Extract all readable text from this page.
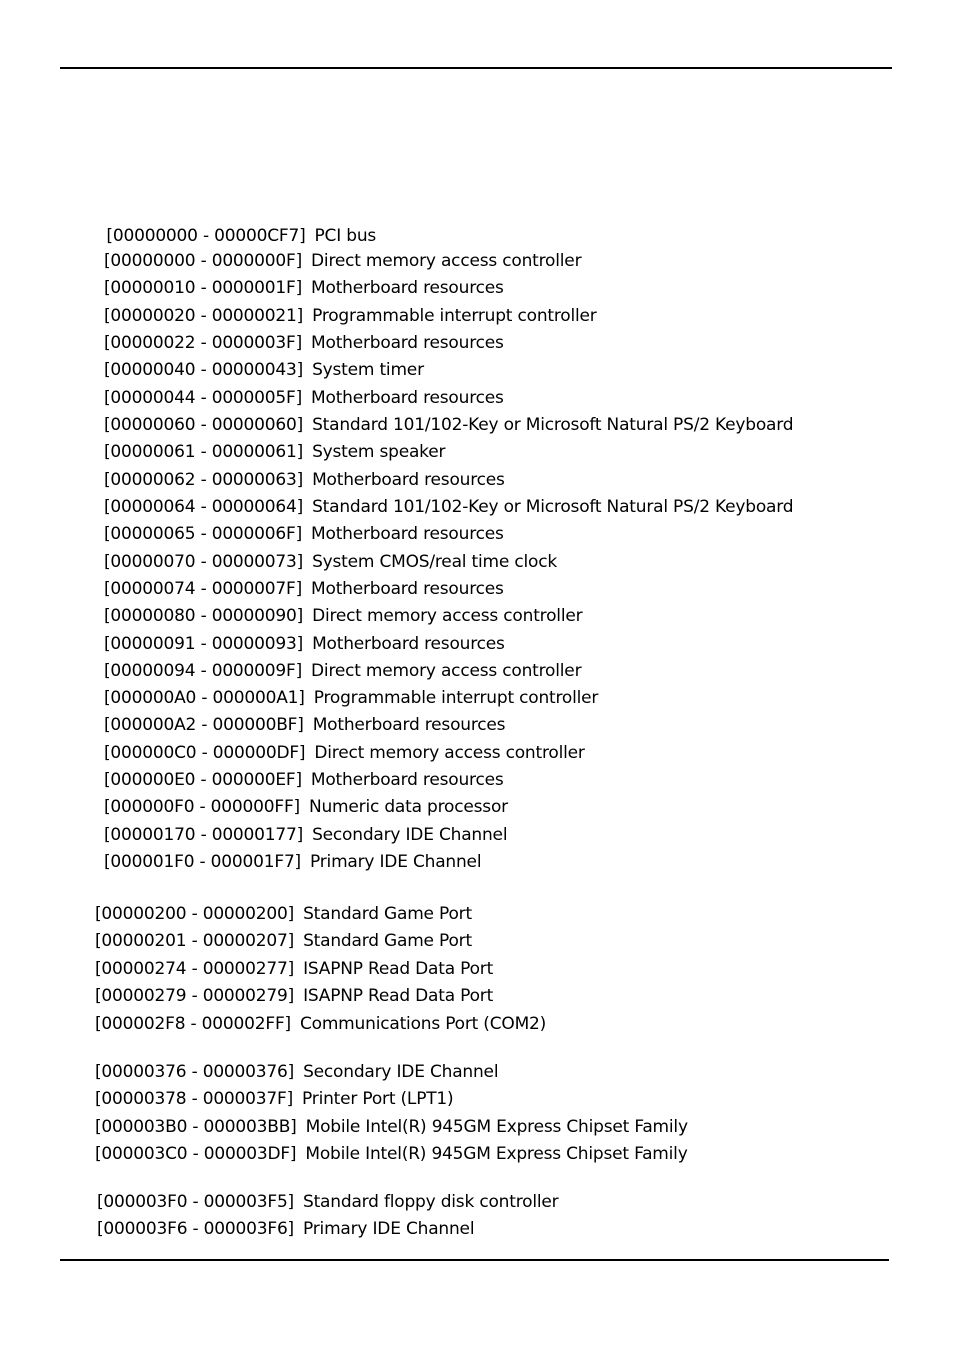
[00000000 - 00000CF7] PCI bus

[00000000 - 0000000F] Direct memory access controller
[00000010 - 0000001F] Motherboard resources
[00000020 - 00000021] Programmable interrupt controller
[00000022 - 0000003F] Motherboard resources
[00000040 - 00000043] System timer
[00000044 - 0000005F] Motherboard resources
[00000060 - 00000060] Standard 101/102-Key or Microsoft Natural PS/2 Keyboard
[00000061 - 00000061] System speaker
[00000062 - 00000063] Motherboard resources
[00000064 - 00000064] Standard 101/102-Key or Microsoft Natural PS/2 Keyboard
[00000065 - 0000006F] Motherboard resources
[00000070 - 00000073] System CMOS/real time clock
[00000074 - 0000007F] Motherboard resources
[00000080 - 00000090] Direct memory access controller
[00000091 - 00000093] Motherboard resources
[00000094 - 0000009F] Direct memory access controller
[000000A0 - 000000A1] Programmable interrupt controller
[000000A2 - 000000BF] Motherboard resources
[000000C0 - 000000DF] Direct memory access controller
[000000E0 - 000000EF] Motherboard resources
[000000F0 - 000000FF] Numeric data processor
[00000170 - 00000177] Secondary IDE Channel
[000001F0 - 000001F7] Primary IDE Channel
[00000200 - 00000200] Standard Game Port
[00000201 - 00000207] Standard Game Port
[00000274 - 00000277] ISAPNP Read Data Port
[00000279 - 00000279] ISAPNP Read Data Port
[000002F8 - 000002FF] Communications Port (COM2)
[00000376 - 00000376] Secondary IDE Channel
[00000378 - 0000037F] Printer Port (LPT1)
[000003B0 - 000003BB] Mobile Intel(R) 945GM Express Chipset Family
[000003C0 - 000003DF] Mobile Intel(R) 945GM Express Chipset Family
[000003F0 - 000003F5] Standard floppy disk controller
[000003F6 - 000003F6] Primary IDE Channel
